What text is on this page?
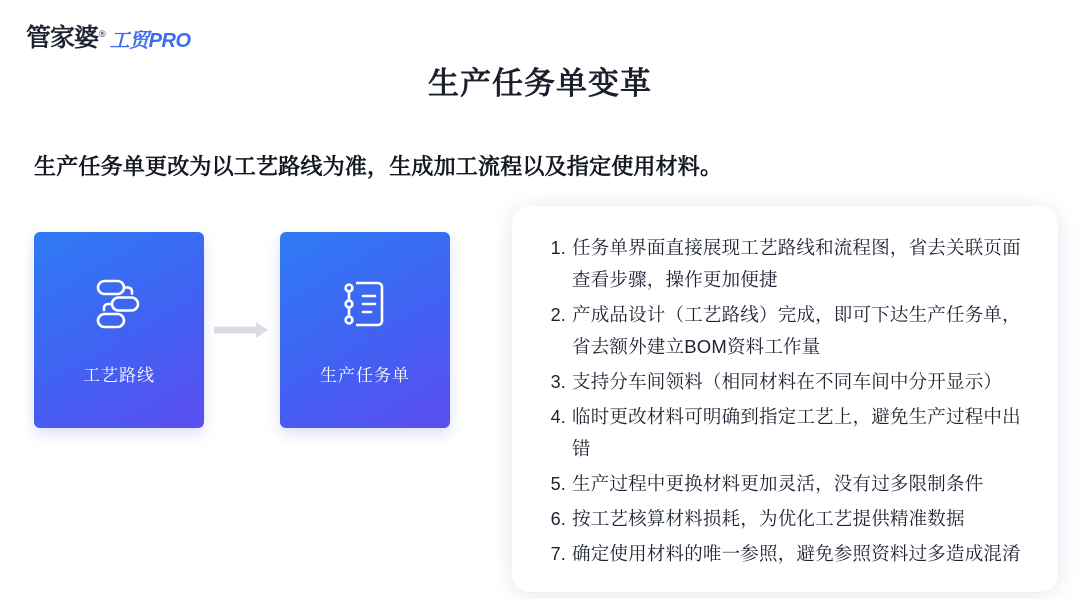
管家婆 ® 工贸PRO
生产任务单变革
生产任务单更改为以工艺路线为准，生成加工流程以及指定使用材料。
工艺路线	生产任务单
任务单界面直接展现工艺路线和流程图，省去关联页面查看步骤，操作更加便捷
产成品设计（工艺路线）完成，即可下达生产任务单，省去额外建立BOM资料工作量
支持分车间领料（相同材料在不同车间中分开显示）
临时更改材料可明确到指定工艺上，避免生产过程中出错
生产过程中更换材料更加灵活，没有过多限制条件
按工艺核算材料损耗，为优化工艺提供精准数据
确定使用材料的唯一参照，避免参照资料过多造成混淆
